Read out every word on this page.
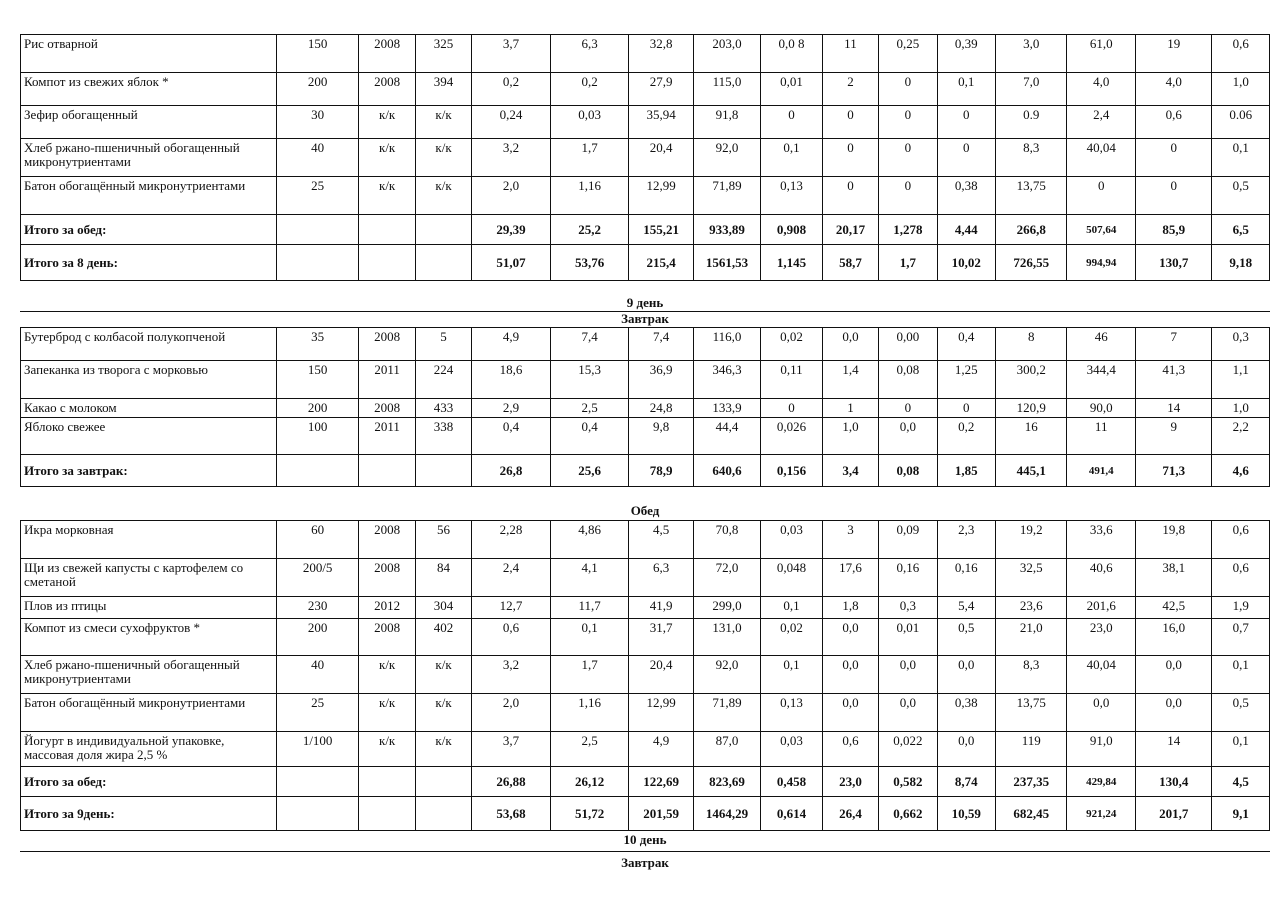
Рис отварной	150	2008	325	3,7	6,3	32,8	203,0	0,0 8	11	0,25	0,39	3,0	61,0	19	0,6
Компот из свежих яблок *	200	2008	394	0,2	0,2	27,9	115,0	0,01	2	0	0,1	7,0	4,0	4,0	1,0
Зефир обогащенный	30	к/к	к/к	0,24	0,03	35,94	91,8	0	0	0	0	0.9	2,4	0,6	0.06
Хлеб ржано-пшеничный обогащенный микронутриентами	40	к/к	к/к	3,2	1,7	20,4	92,0	0,1	0	0	0	8,3	40,04	0	0,1
Батон обогащённый микронутриентами	25	к/к	к/к	2,0	1,16	12,99	71,89	0,13	0	0	0,38	13,75	0	0	0,5
Итого за обед:				29,39	25,2	155,21	933,89	0,908	20,17	1,278	4,44	266,8	507,64	85,9	6,5
Итого за 8 день:				51,07	53,76	215,4	1561,53	1,145	58,7	1,7	10,02	726,55	994,94	130,7	9,18
9 день
Завтрак
Бутерброд с колбасой полукопченой	35	2008	5	4,9	7,4	7,4	116,0	0,02	0,0	0,00	0,4	8	46	7	0,3
Запеканка из творога с морковью	150	2011	224	18,6	15,3	36,9	346,3	0,11	1,4	0,08	1,25	300,2	344,4	41,3	1,1
Какао с молоком	200	2008	433	2,9	2,5	24,8	133,9	0	1	0	0	120,9	90,0	14	1,0
Яблоко свежее	100	2011	338	0,4	0,4	9,8	44,4	0,026	1,0	0,0	0,2	16	11	9	2,2
Итого за завтрак:				26,8	25,6	78,9	640,6	0,156	3,4	0,08	1,85	445,1	491,4	71,3	4,6
Обед
Икра морковная	60	2008	56	2,28	4,86	4,5	70,8	0,03	3	0,09	2,3	19,2	33,6	19,8	0,6
Щи из свежей капусты с картофелем со сметаной	200/5	2008	84	2,4	4,1	6,3	72,0	0,048	17,6	0,16	0,16	32,5	40,6	38,1	0,6
Плов из птицы	230	2012	304	12,7	11,7	41,9	299,0	0,1	1,8	0,3	5,4	23,6	201,6	42,5	1,9
Компот из смеси сухофруктов *	200	2008	402	0,6	0,1	31,7	131,0	0,02	0,0	0,01	0,5	21,0	23,0	16,0	0,7
Хлеб ржано-пшеничный обогащенный микронутриентами	40	к/к	к/к	3,2	1,7	20,4	92,0	0,1	0,0	0,0	0,0	8,3	40,04	0,0	0,1
Батон обогащённый микронутриентами	25	к/к	к/к	2,0	1,16	12,99	71,89	0,13	0,0	0,0	0,38	13,75	0,0	0,0	0,5
Йогурт в индивидуальной упаковке, массовая доля жира 2,5 %	1/100	к/к	к/к	3,7	2,5	4,9	87,0	0,03	0,6	0,022	0,0	119	91,0	14	0,1
Итого за обед:				26,88	26,12	122,69	823,69	0,458	23,0	0,582	8,74	237,35	429,84	130,4	4,5
Итого за 9день:				53,68	51,72	201,59	1464,29	0,614	26,4	0,662	10,59	682,45	921,24	201,7	9,1
10 день
Завтрак
